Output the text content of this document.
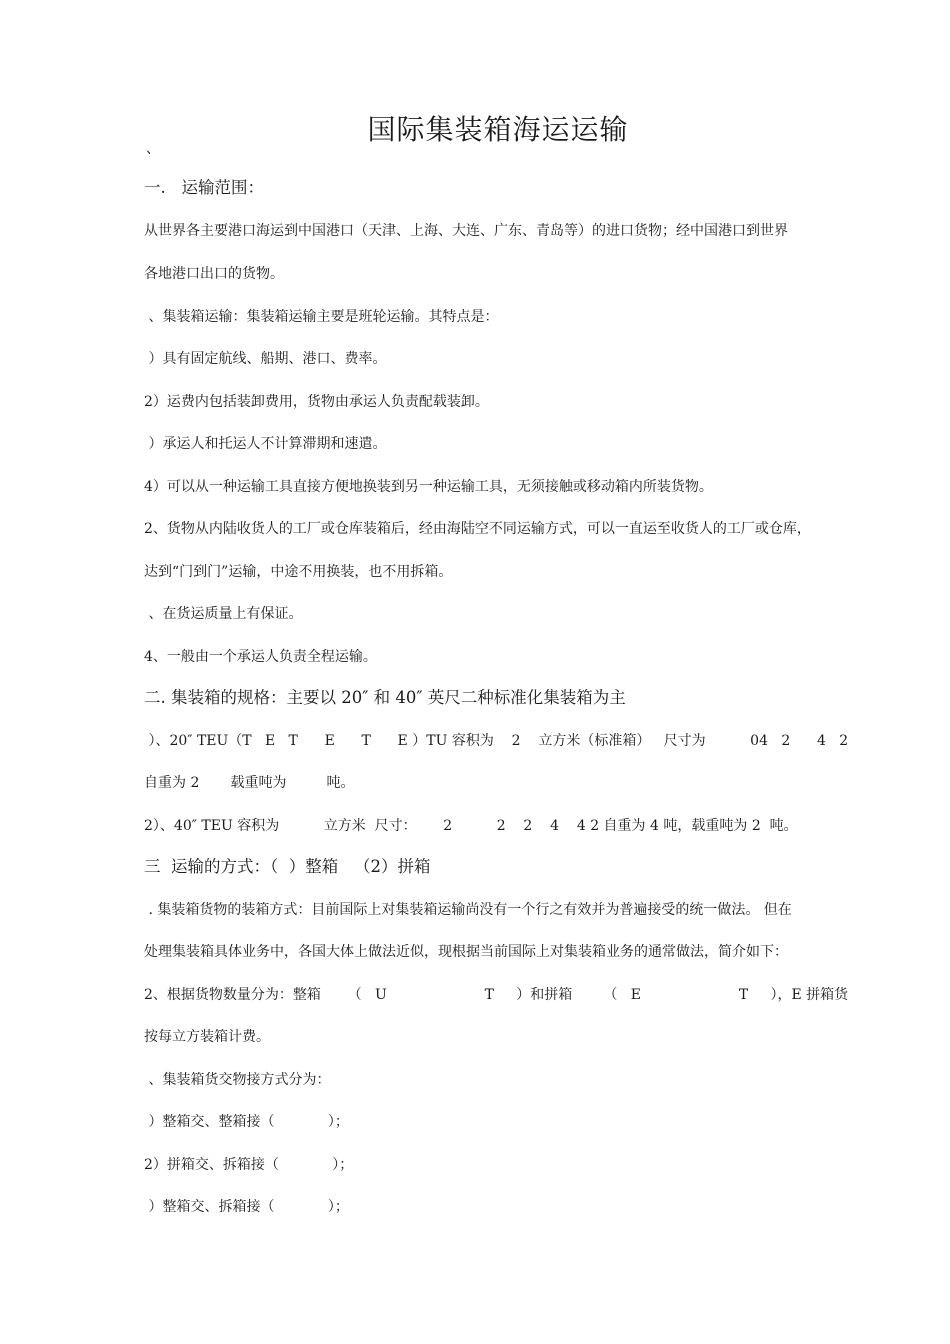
国际集装箱海运运输
、
一.   运输范围：
从世界各主要港口海运到中国港口（天津、上海、大连、广东、青岛等）的进口货物；经中国港口到世界
各地港口出口的货物。
、集装箱运输：集装箱运输主要是班轮运输。其特点是：
）具有固定航线、船期、港口、费率。
2）运费内包括装卸费用，货物由承运人负责配载装卸。
）承运人和托运人不计算滞期和速遣。
4）可以从一种运输工具直接方便地换装到另一种运输工具，无须接触或移动箱内所装货物。
2、货物从内陆收货人的工厂或仓库装箱后，经由海陆空不同运输方式，可以一直运至收货人的工厂或仓库，
达到“门到门”运输，中途不用换装，也不用拆箱。
、在货运质量上有保证。
4、一般由一个承运人负责全程运输。
二. 集装箱的规格：主要以 20″ 和 40″ 英尺二种标准化集装箱为主
）、20″ TEU（T   E   T      E      T      E ）TU 容积为    2    立方米（标准箱）   尺寸为          04   2      4   2
自重为 2       载重吨为         吨。
2）、40″ TEU 容积为          立方米  尺寸：      2          2    2    4    4 2 自重为 4 吨，载重吨为 2  吨。
三  运输的方式：（  ）整箱   （2）拼箱
. 集装箱货物的装箱方式：目前国际上对集装箱运输尚没有一个行之有效并为普遍接受的统一做法。 但在
处理集装箱具体业务中，各国大体上做法近似，现根据当前国际上对集装箱业务的通常做法，简介如下：
2、根据货物数量分为：整箱      （   U                      T     ）和拼箱       （   E                      T     ），E 拼箱货
按每立方装箱计费。
、集装箱货交物接方式分为：
）整箱交、整箱接（            ）；
2）拼箱交、拆箱接（            ）；
）整箱交、拆箱接（            ）；
